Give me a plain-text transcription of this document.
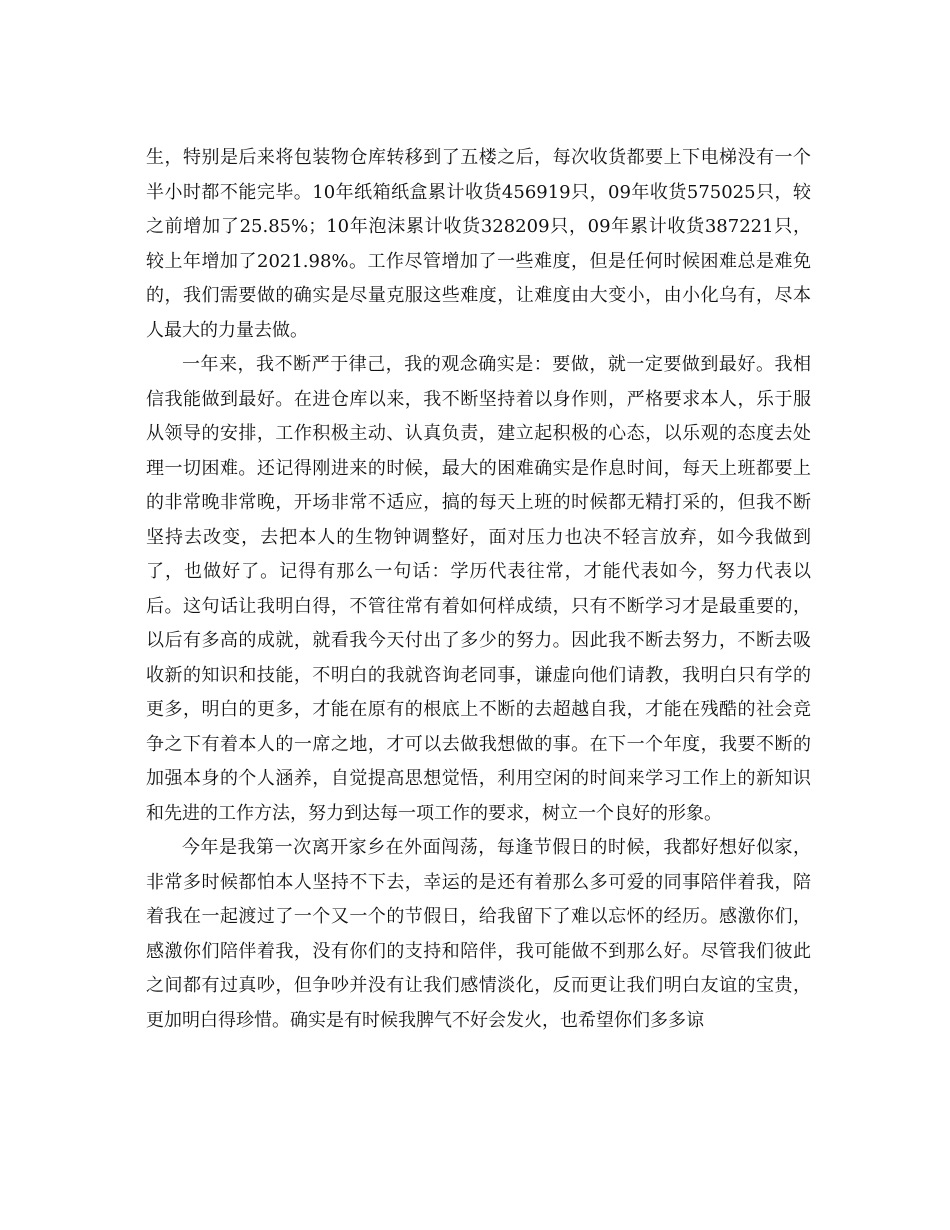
生，特别是后来将包装物仓库转移到了五楼之后，每次收货都要上下电梯没有一个半小时都不能完毕。10年纸箱纸盒累计收货456919只，09年收货575025只，较之前增加了25.85%；10年泡沫累计收货328209只，09年累计收货387221只，较上年增加了2021.98%。工作尽管增加了一些难度，但是任何时候困难总是难免的，我们需要做的确实是尽量克服这些难度，让难度由大变小，由小化乌有，尽本人最大的力量去做。

一年来，我不断严于律己，我的观念确实是：要做，就一定要做到最好。我相信我能做到最好。在进仓库以来，我不断坚持着以身作则，严格要求本人，乐于服从领导的安排，工作积极主动、认真负责，建立起积极的心态，以乐观的态度去处理一切困难。还记得刚进来的时候，最大的困难确实是作息时间，每天上班都要上的非常晚非常晚，开场非常不适应，搞的每天上班的时候都无精打采的，但我不断坚持去改变，去把本人的生物钟调整好，面对压力也决不轻言放弃，如今我做到了，也做好了。记得有那么一句话：学历代表往常，才能代表如今，努力代表以后。这句话让我明白得，不管往常有着如何样成绩，只有不断学习才是最重要的，以后有多高的成就，就看我今天付出了多少的努力。因此我不断去努力，不断去吸收新的知识和技能，不明白的我就咨询老同事，谦虚向他们请教，我明白只有学的更多，明白的更多，才能在原有的根底上不断的去超越自我，才能在残酷的社会竞争之下有着本人的一席之地，才可以去做我想做的事。在下一个年度，我要不断的加强本身的个人涵养，自觉提高思想觉悟，利用空闲的时间来学习工作上的新知识和先进的工作方法，努力到达每一项工作的要求，树立一个良好的形象。

今年是我第一次离开家乡在外面闯荡，每逢节假日的时候，我都好想好似家，非常多时候都怕本人坚持不下去，幸运的是还有着那么多可爱的同事陪伴着我，陪着我在一起渡过了一个又一个的节假日，给我留下了难以忘怀的经历。感激你们，感激你们陪伴着我，没有你们的支持和陪伴，我可能做不到那么好。尽管我们彼此之间都有过真吵，但争吵并没有让我们感情淡化，反而更让我们明白友谊的宝贵，更加明白得珍惜。确实是有时候我脾气不好会发火，也希望你们多多谅
